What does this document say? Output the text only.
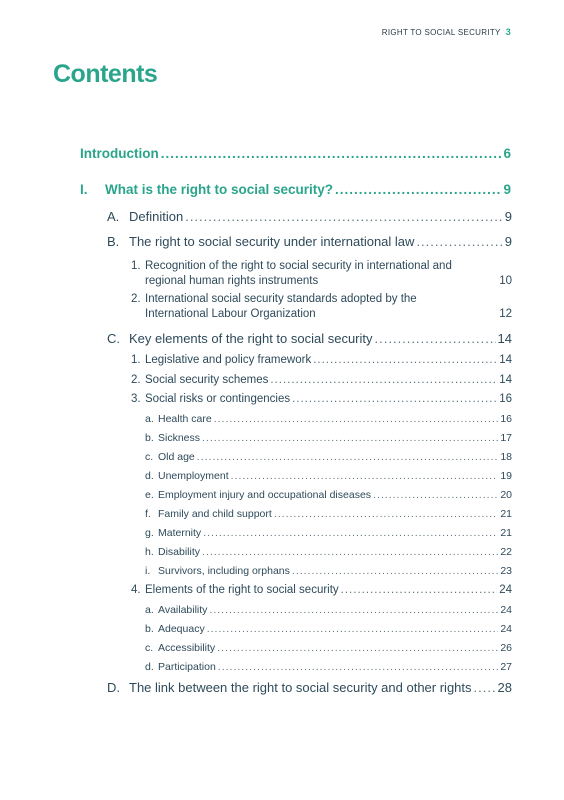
RIGHT TO SOCIAL SECURITY 3
Contents
Introduction .....	6
I.	What is the right to social security? .....	9
A. Definition .....	9
B. The right to social security under international law .....	9
1. Recognition of the right to social security in international and
regional human rights instruments	10
2. International social security standards adopted by the
International Labour Organization	12
C. Key elements of the right to social security .....	14
1. Legislative and policy framework .....	14
2. Social security schemes .....	14
3. Social risks or contingencies .....	16
a. Health care .....	16
b. Sickness .....	17
c. Old age .....	18
d. Unemployment .....	19
e. Employment injury and occupational diseases .....	20
f. Family and child support .....	21
g. Maternity .....	21
h. Disability .....	22
i. Survivors, including orphans .....	23
4. Elements of the right to social security .....	24
a. Availability .....	24
b. Adequacy .....	24
c. Accessibility .....	26
d. Participation .....	27
D. The link between the right to social security and other rights ..... 28
